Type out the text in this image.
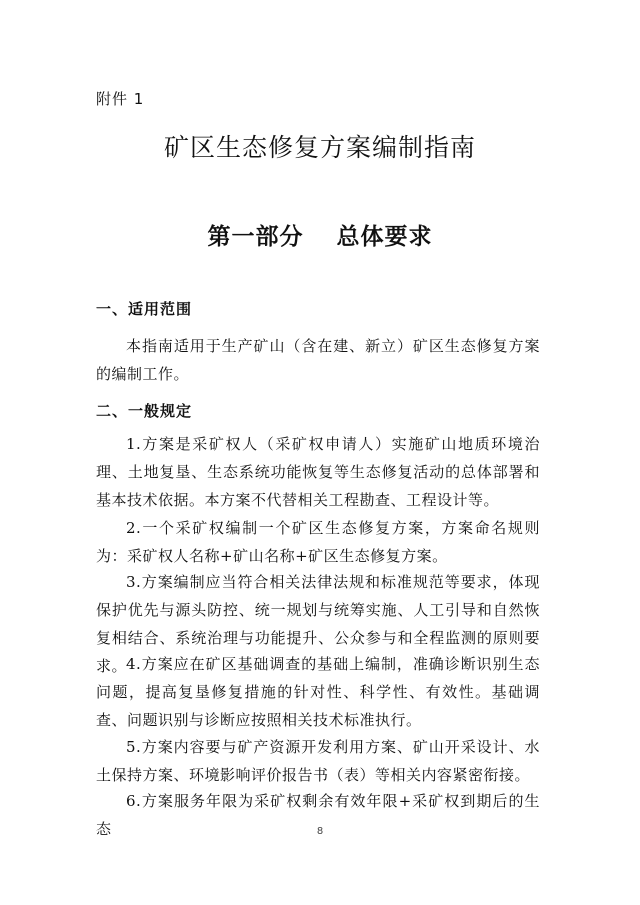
附件 1
矿区生态修复方案编制指南
第一部分　 总体要求
一、适用范围
本指南适用于生产矿山（含在建、新立）矿区生态修复方案的编制工作。
二、一般规定
1.方案是采矿权人（采矿权申请人）实施矿山地质环境治理、土地复垦、生态系统功能恢复等生态修复活动的总体部署和基本技术依据。本方案不代替相关工程勘查、工程设计等。
2.一个采矿权编制一个矿区生态修复方案，方案命名规则为：采矿权人名称+矿山名称+矿区生态修复方案。
3.方案编制应当符合相关法律法规和标准规范等要求，体现保护优先与源头防控、统一规划与统筹实施、人工引导和自然恢复相结合、系统治理与功能提升、公众参与和全程监测的原则要求。
4.方案应在矿区基础调查的基础上编制，准确诊断识别生态问题，提高复垦修复措施的针对性、科学性、有效性。基础调查、问题识别与诊断应按照相关技术标准执行。
5.方案内容要与矿产资源开发利用方案、矿山开采设计、水土保持方案、环境影响评价报告书（表）等相关内容紧密衔接。
6.方案服务年限为采矿权剩余有效年限+采矿权到期后的生态	8
